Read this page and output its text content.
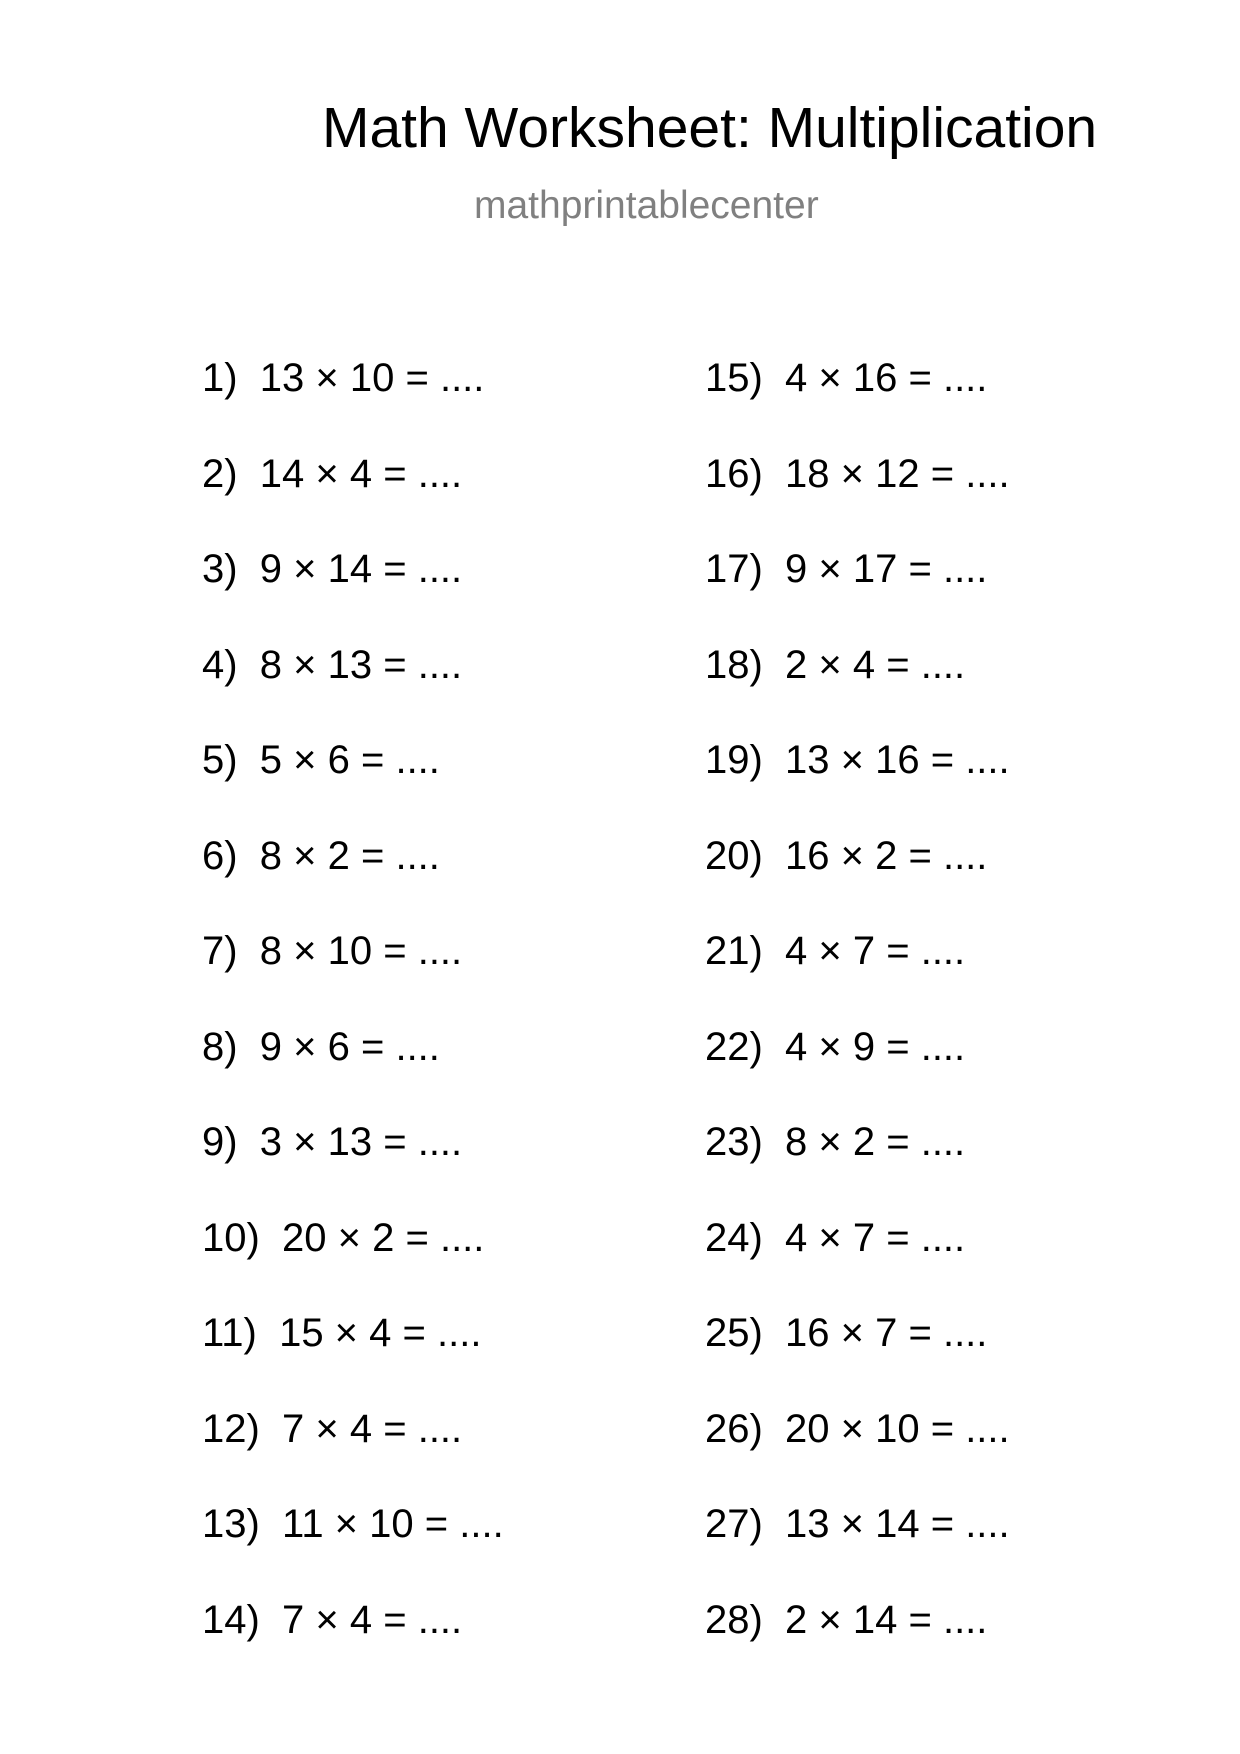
Math Worksheet: Multiplication
mathprintablecenter
1)  13 × 10 = ....
2)  14 × 4 = ....
3)  9 × 14 = ....
4)  8 × 13 = ....
5)  5 × 6 = ....
6)  8 × 2 = ....
7)  8 × 10 = ....
8)  9 × 6 = ....
9)  3 × 13 = ....
10)  20 × 2 = ....
11)  15 × 4 = ....
12)  7 × 4 = ....
13)  11 × 10 = ....
14)  7 × 4 = ....
15)  4 × 16 = ....
16)  18 × 12 = ....
17)  9 × 17 = ....
18)  2 × 4 = ....
19)  13 × 16 = ....
20)  16 × 2 = ....
21)  4 × 7 = ....
22)  4 × 9 = ....
23)  8 × 2 = ....
24)  4 × 7 = ....
25)  16 × 7 = ....
26)  20 × 10 = ....
27)  13 × 14 = ....
28)  2 × 14 = ....
